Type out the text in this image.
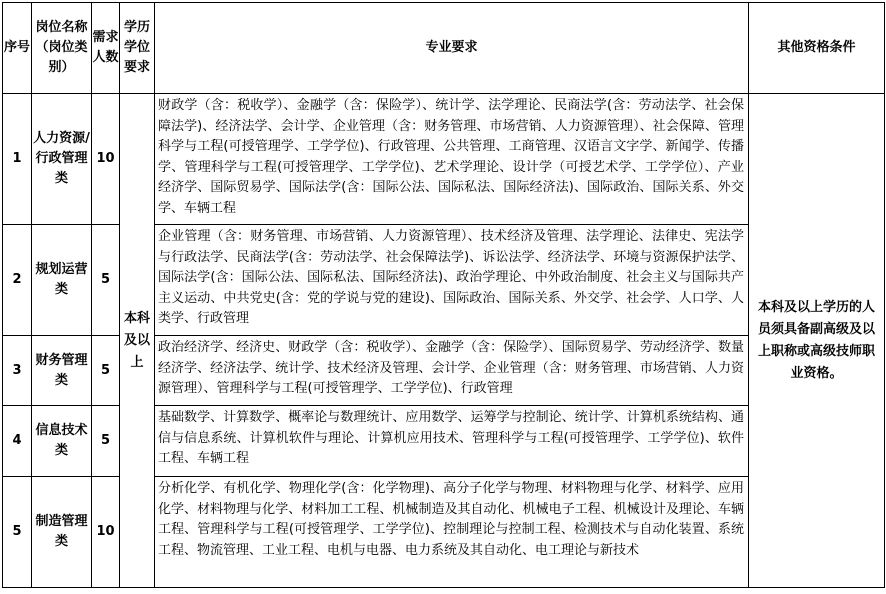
序号	岗位名称（岗位类别）	需求人数	学历学位要求	专业要求	其他资格条件
1	人力资源/行政管理类	10	本科及以上	财政学（含：税收学）、金融学（含：保险学）、统计学、法学理论、民商法学(含：劳动法学、社会保障法学)、经济法学、会计学、企业管理（含：财务管理、市场营销、人力资源管理）、社会保障、管理科学与工程(可授管理学、工学学位)、行政管理、公共管理、工商管理、汉语言文字学、新闻学、传播学、管理科学与工程(可授管理学、工学学位)、艺术学理论、设计学（可授艺术学、工学学位）、产业经济学、国际贸易学、国际法学(含：国际公法、国际私法、国际经济法)、国际政治、国际关系、外交学、车辆工程	本科及以上学历的人员须具备副高级及以上职称或高级技师职业资格。
2	规划运营类	5		企业管理（含：财务管理、市场营销、人力资源管理）、技术经济及管理、法学理论、法律史、宪法学与行政法学、民商法学(含：劳动法学、社会保障法学)、诉讼法学、经济法学、环境与资源保护法学、国际法学(含：国际公法、国际私法、国际经济法)、政治学理论、中外政治制度、社会主义与国际共产主义运动、中共党史(含：党的学说与党的建设)、国际政治、国际关系、外交学、社会学、人口学、人类学、行政管理	
3	财务管理类	5		政治经济学、经济史、财政学（含：税收学）、金融学（含：保险学）、国际贸易学、劳动经济学、数量经济学、经济法学、统计学、技术经济及管理、会计学、企业管理（含：财务管理、市场营销、人力资源管理）、管理科学与工程(可授管理学、工学学位)、行政管理	
4	信息技术类	5		基础数学、计算数学、概率论与数理统计、应用数学、运筹学与控制论、统计学、计算机系统结构、通信与信息系统、计算机软件与理论、计算机应用技术、管理科学与工程(可授管理学、工学学位)、软件工程、车辆工程	
5	制造管理类	10		分析化学、有机化学、物理化学(含：化学物理)、高分子化学与物理、材料物理与化学、材料学、应用化学、材料物理与化学、材料加工工程、机械制造及其自动化、机械电子工程、机械设计及理论、车辆工程、管理科学与工程(可授管理学、工学学位)、控制理论与控制工程、检测技术与自动化装置、系统工程、物流管理、工业工程、电机与电器、电力系统及其自动化、电工理论与新技术	
